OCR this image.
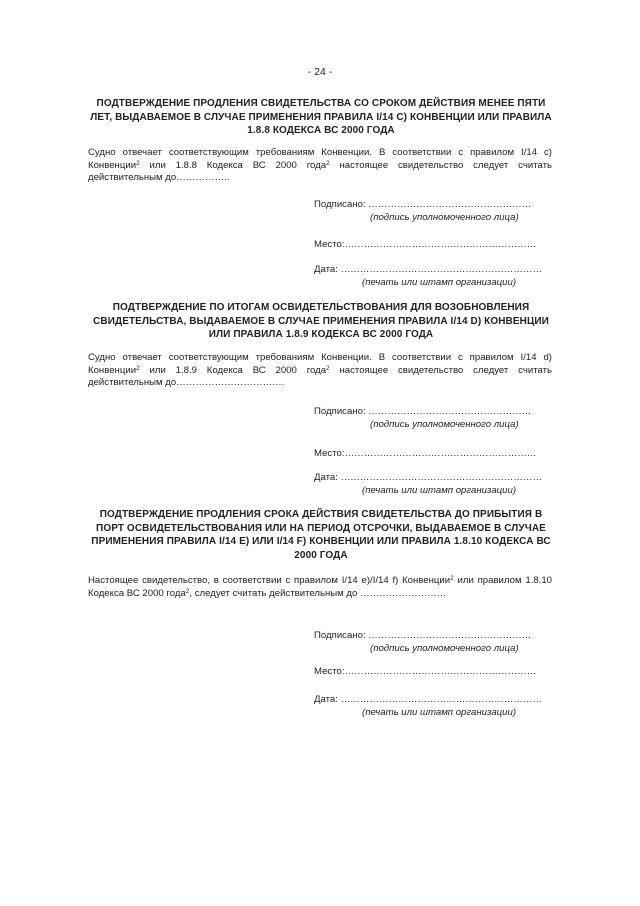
- 24 -
ПОДТВЕРЖДЕНИЕ ПРОДЛЕНИЯ СВИДЕТЕЛЬСТВА СО СРОКОМ ДЕЙСТВИЯ МЕНЕЕ ПЯТИ ЛЕТ, ВЫДАВАЕМОЕ В СЛУЧАЕ ПРИМЕНЕНИЯ ПРАВИЛА I/14 C) КОНВЕНЦИИ ИЛИ ПРАВИЛА 1.8.8 КОДЕКСА ВС 2000 ГОДА
Судно отвечает соответствующим требованиям Конвенции. В соответствии с правилом I/14 c) Конвенции$^2$ или 1.8.8 Кодекса ВС 2000 года$^2$ настоящее свидетельство следует считать действительным до……………..
Подписано: ……………………………………………
(подпись уполномоченного лица)
Место:……………………………………………………
Дата: ………………………………………………………
(печать или штамп организации)
ПОДТВЕРЖДЕНИЕ ПО ИТОГАМ ОСВИДЕТЕЛЬСТВОВАНИЯ ДЛЯ ВОЗОБНОВЛЕНИЯ СВИДЕТЕЛЬСТВА, ВЫДАВАЕМОЕ В СЛУЧАЕ ПРИМЕНЕНИЯ ПРАВИЛА I/14 D) КОНВЕНЦИИ ИЛИ ПРАВИЛА 1.8.9 КОДЕКСА ВС 2000 ГОДА
Судно отвечает соответствующим требованиям Конвенции. В соответствии с правилом I/14 d) Конвенции$^2$ или 1.8.9 Кодекса ВС 2000 года$^2$ настоящее свидетельство следует считать действительным до…………………………….
Подписано: ……………………………………………
(подпись уполномоченного лица)
Место:……………………………………………………
Дата: ………………………………………………………
(печать или штамп организации)
ПОДТВЕРЖДЕНИЕ ПРОДЛЕНИЯ СРОКА ДЕЙСТВИЯ СВИДЕТЕЛЬСТВА ДО ПРИБЫТИЯ В ПОРТ ОСВИДЕТЕЛЬСТВОВАНИЯ ИЛИ НА ПЕРИОД ОТСРОЧКИ, ВЫДАВАЕМОЕ В СЛУЧАЕ ПРИМЕНЕНИЯ ПРАВИЛА I/14 E) ИЛИ I/14 F) КОНВЕНЦИИ ИЛИ ПРАВИЛА 1.8.10 КОДЕКСА ВС 2000 ГОДА
Настоящее свидетельство, в соответствии с правилом I/14 e)/I/14 f) Конвенции$^2$ или правилом 1.8.10 Кодекса ВС 2000 года$^2$, следует считать действительным до ………………………
Подписано: ……………………………………………
(подпись уполномоченного лица)
Место:……………………………………………………
Дата: ………………………………………………………
(печать или штамп организации)
